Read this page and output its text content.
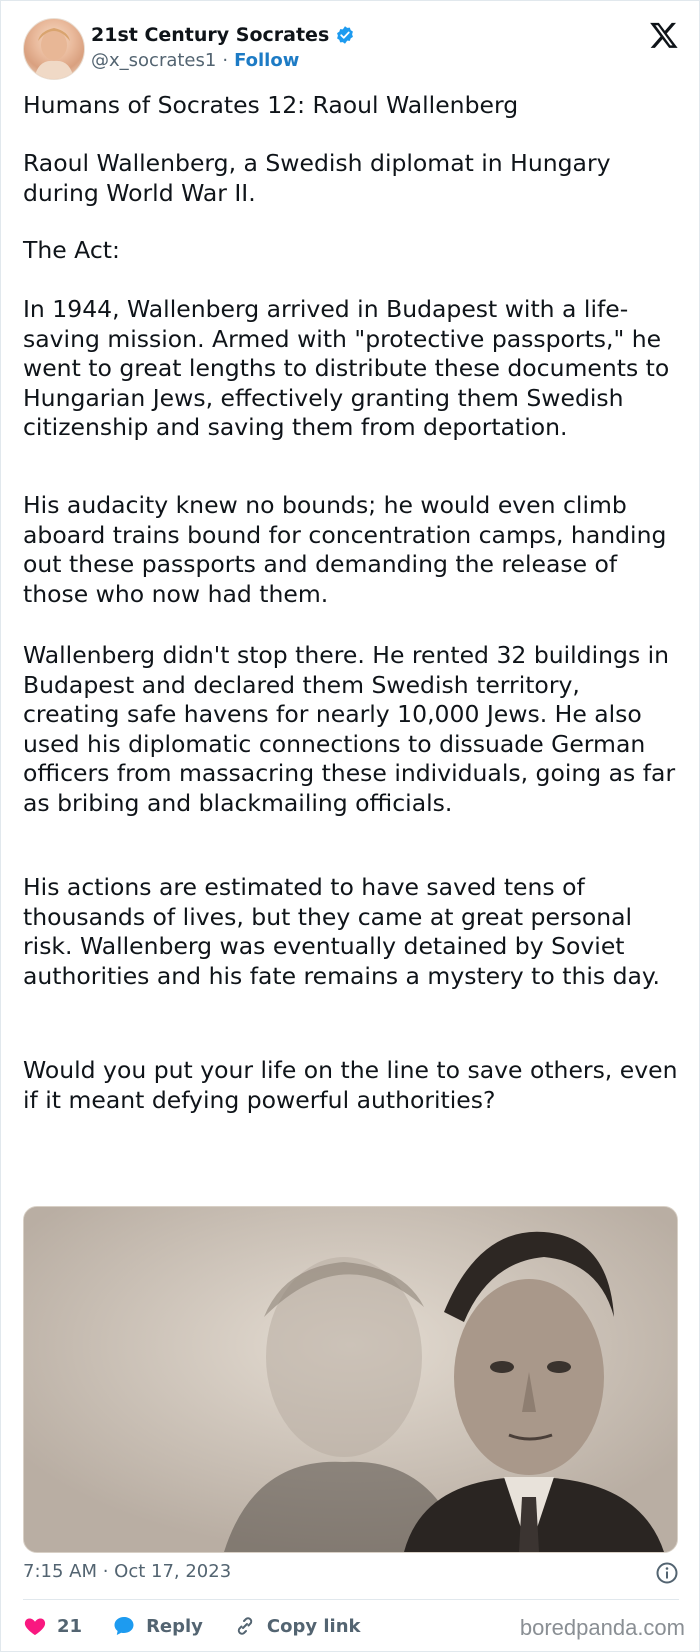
21st Century Socrates
@x_socrates1 · Follow

Humans of Socrates 12: Raoul Wallenberg

Raoul Wallenberg, a Swedish diplomat in Hungary during World War II.

The Act:

In 1944, Wallenberg arrived in Budapest with a life-saving mission. Armed with "protective passports," he went to great lengths to distribute these documents to Hungarian Jews, effectively granting them Swedish citizenship and saving them from deportation.

His audacity knew no bounds; he would even climb aboard trains bound for concentration camps, handing out these passports and demanding the release of those who now had them.

Wallenberg didn't stop there. He rented 32 buildings in Budapest and declared them Swedish territory, creating safe havens for nearly 10,000 Jews. He also used his diplomatic connections to dissuade German officers from massacring these individuals, going as far as bribing and blackmailing officials.

His actions are estimated to have saved tens of thousands of lives, but they came at great personal risk. Wallenberg was eventually detained by Soviet authorities and his fate remains a mystery to this day.

Would you put your life on the line to save others, even if it meant defying powerful authorities?

7:15 AM · Oct 17, 2023
21	Reply	Copy link	boredpanda.com
